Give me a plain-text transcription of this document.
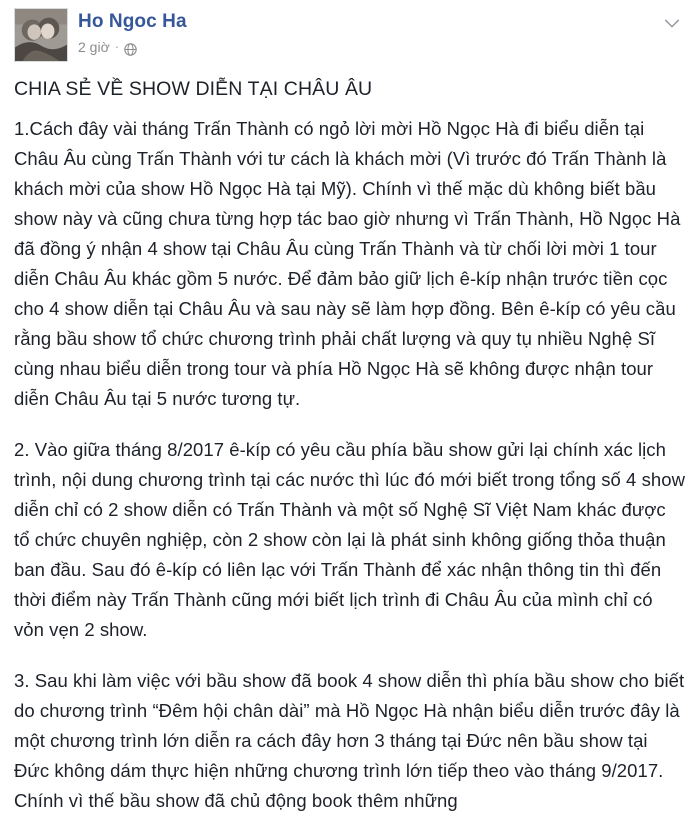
Ho Ngoc Ha
2 giờ ·
CHIA SẺ VỀ SHOW DIỄN TẠI CHÂU ÂU

1.Cách đây vài tháng Trấn Thành có ngỏ lời mời Hồ Ngọc Hà đi biểu diễn tại Châu Âu cùng Trấn Thành với tư cách là khách mời (Vì trước đó Trấn Thành là khách mời của show Hồ Ngọc Hà tại Mỹ). Chính vì thế mặc dù không biết bầu show này và cũng chưa từng hợp tác bao giờ nhưng vì Trấn Thành, Hồ Ngọc Hà đã đồng ý nhận 4 show tại Châu Âu cùng Trấn Thành và từ chối lời mời 1 tour diễn Châu Âu khác gồm 5 nước. Để đảm bảo giữ lịch ê-kíp nhận trước tiền cọc cho 4 show diễn tại Châu Âu và sau này sẽ làm hợp đồng. Bên ê-kíp có yêu cầu rằng bầu show tổ chức chương trình phải chất lượng và quy tụ nhiều Nghệ Sĩ cùng nhau biểu diễn trong tour và phía Hồ Ngọc Hà sẽ không được nhận tour diễn Châu Âu tại 5 nước tương tự.

2. Vào giữa tháng 8/2017 ê-kíp có yêu cầu phía bầu show gửi lại chính xác lịch trình, nội dung chương trình tại các nước thì lúc đó mới biết trong tổng số 4 show diễn chỉ có 2 show diễn có Trấn Thành và một số Nghệ Sĩ Việt Nam khác được tổ chức chuyên nghiệp, còn 2 show còn lại là phát sinh không giống thỏa thuận ban đầu. Sau đó ê-kíp có liên lạc với Trấn Thành để xác nhận thông tin thì đến thời điểm này Trấn Thành cũng mới biết lịch trình đi Châu Âu của mình chỉ có vỏn vẹn 2 show.

3. Sau khi làm việc với bầu show đã book 4 show diễn thì phía bầu show cho biết do chương trình “Đêm hội chân dài” mà Hồ Ngọc Hà nhận biểu diễn trước đây là một chương trình lớn diễn ra cách đây hơn 3 tháng tại Đức nên bầu show tại Đức không dám thực hiện những chương trình lớn tiếp theo vào tháng 9/2017. Chính vì thế bầu show đã chủ động book thêm những
